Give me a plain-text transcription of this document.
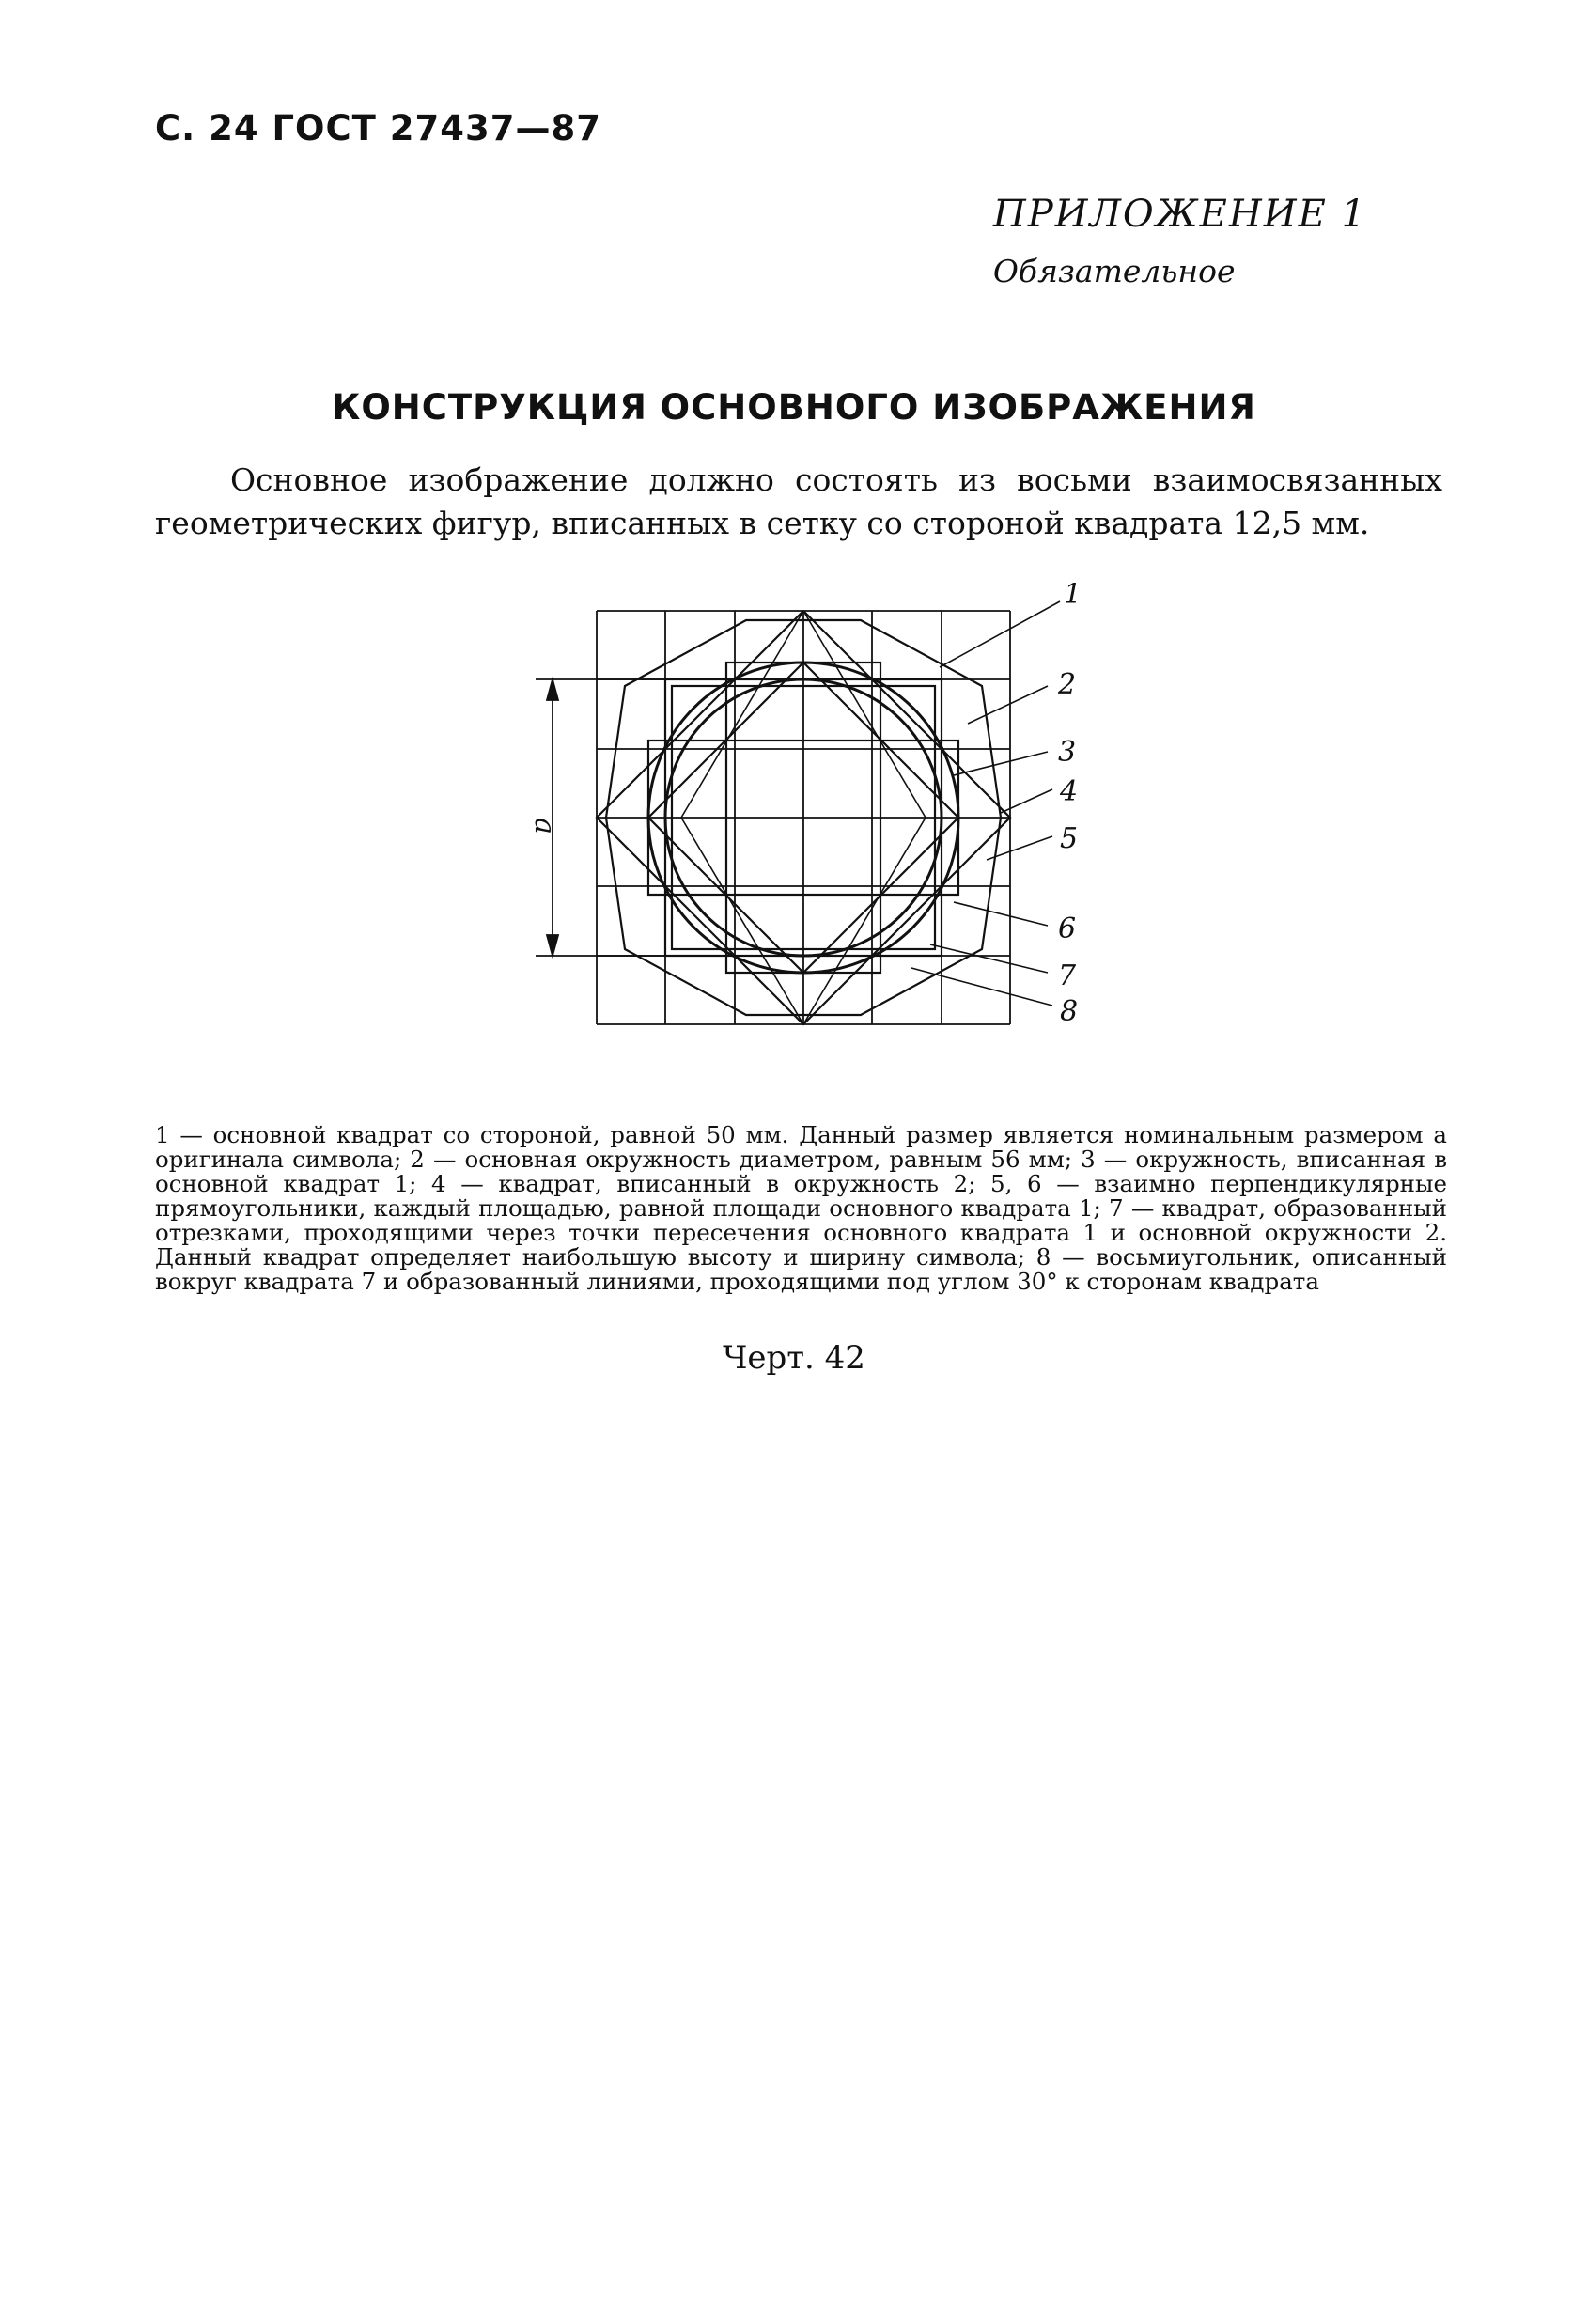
С. 24 ГОСТ 27437—87
ПРИЛОЖЕНИЕ 1
Обязательное
КОНСТРУКЦИЯ ОСНОВНОГО ИЗОБРАЖЕНИЯ

Основное изображение должно состоять из восьми взаимосвязанных геометрических фигур, вписанных в сетку со стороной квадрата 12,5 мм.

a
1
2
3
4
5
6
7
8

1 — основной квадрат со стороной, равной 50 мм. Данный размер является номинальным размером a оригинала символа; 2 — основная окружность диаметром, равным 56 мм; 3 — окружность, вписанная в основной квадрат 1; 4 — квадрат, вписанный в окружность 2; 5, 6 — взаимно перпендикулярные прямоугольники, каждый площадью, равной площади основного квадрата 1; 7 — квадрат, образованный отрезками, проходящими через точки пересечения основного квадрата 1 и основной окружности 2. Данный квадрат определяет наибольшую высоту и ширину символа; 8 — восьмиугольник, описанный вокруг квадрата 7 и образованный линиями, проходящими под углом 30° к сторонам квадрата

Черт. 42
